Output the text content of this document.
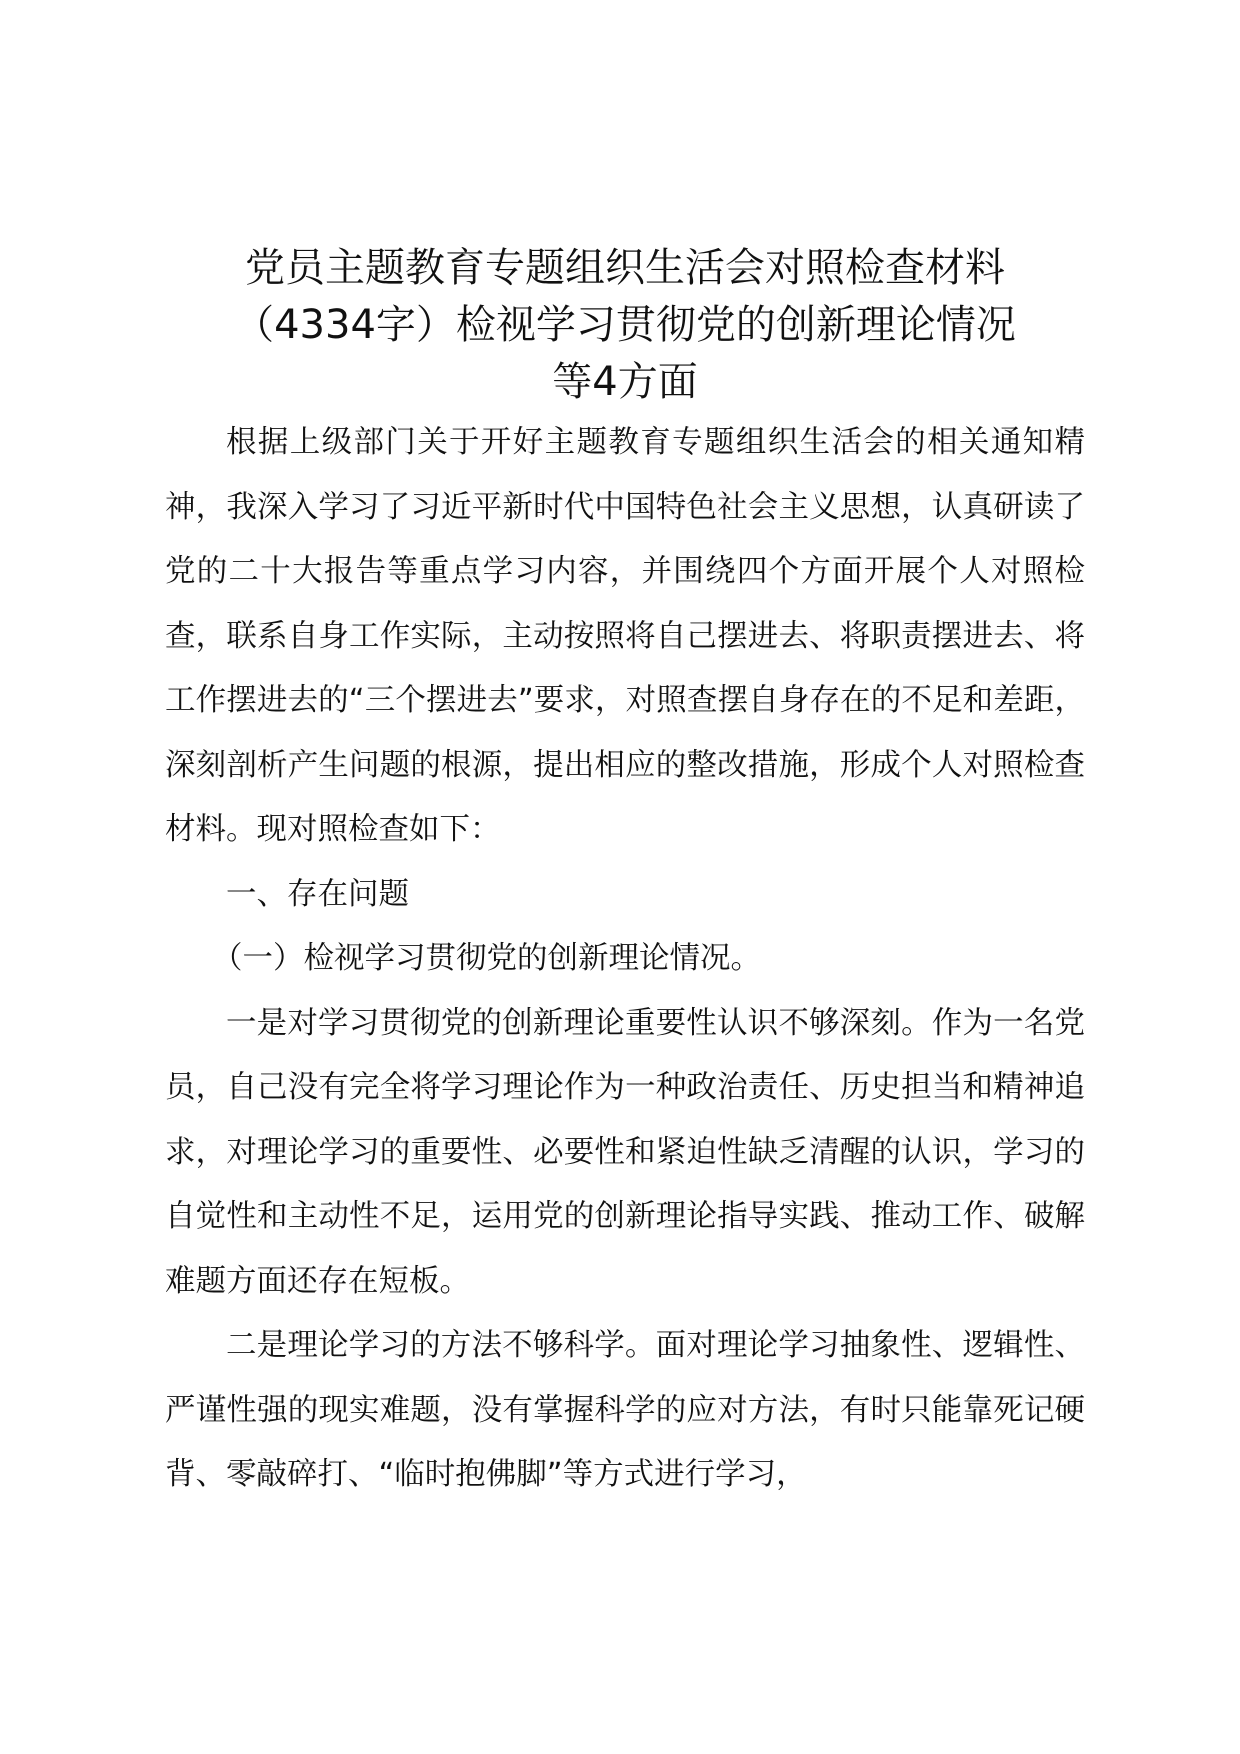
党员主题教育专题组织生活会对照检查材料
（4334字）检视学习贯彻党的创新理论情况
等4方面

根据上级部门关于开好主题教育专题组织生活会的相关通知精神，我深入学习了习近平新时代中国特色社会主义思想，认真研读了党的二十大报告等重点学习内容，并围绕四个方面开展个人对照检查，联系自身工作实际，主动按照将自己摆进去、将职责摆进去、将工作摆进去的“三个摆进去”要求，对照查摆自身存在的不足和差距，深刻剖析产生问题的根源，提出相应的整改措施，形成个人对照检查材料。现对照检查如下：

一、存在问题

（一）检视学习贯彻党的创新理论情况。

一是对学习贯彻党的创新理论重要性认识不够深刻。作为一名党员，自己没有完全将学习理论作为一种政治责任、历史担当和精神追求，对理论学习的重要性、必要性和紧迫性缺乏清醒的认识，学习的自觉性和主动性不足，运用党的创新理论指导实践、推动工作、破解难题方面还存在短板。

二是理论学习的方法不够科学。面对理论学习抽象性、逻辑性、严谨性强的现实难题，没有掌握科学的应对方法，有时只能靠死记硬背、零敲碎打、“临时抱佛脚”等方式进行学习，
